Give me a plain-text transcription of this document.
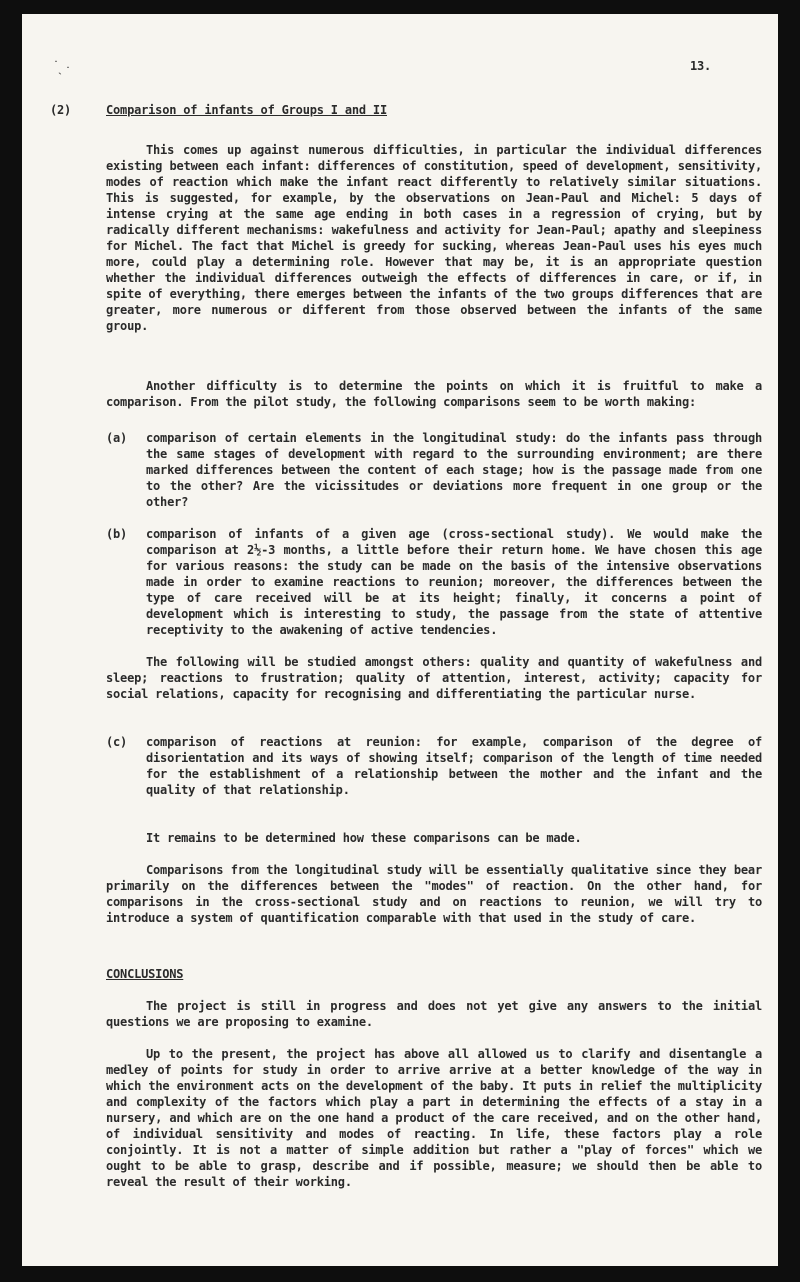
· ·
`
13.
(2)	Comparison of infants of Groups I and II
This comes up against numerous difficulties, in particular the individual differences existing between each infant: differences of constitution, speed of development, sensitivity, modes of reaction which make the infant react differently to relatively similar situations. This is suggested, for example, by the observations on Jean-Paul and Michel: 5 days of intense crying at the same age ending in both cases in a regression of crying, but by radically different mechanisms: wakefulness and activity for Jean-Paul; apathy and sleepiness for Michel. The fact that Michel is greedy for sucking, whereas Jean-Paul uses his eyes much more, could play a determining role. However that may be, it is an appropriate question whether the individual differences outweigh the effects of differences in care, or if, in spite of everything, there emerges between the infants of the two groups differences that are greater, more numerous or different from those observed between the infants of the same group.
Another difficulty is to determine the points on which it is fruitful to make a comparison. From the pilot study, the following comparisons seem to be worth making:
(a) comparison of certain elements in the longitudinal study: do the infants pass through the same stages of development with regard to the surrounding environment; are there marked differences between the content of each stage; how is the passage made from one to the other? Are the vicissitudes or deviations more frequent in one group or the other?
(b) comparison of infants of a given age (cross-sectional study). We would make the comparison at 2½-3 months, a little before their return home. We have chosen this age for various reasons: the study can be made on the basis of the intensive observations made in order to examine reactions to reunion; moreover, the differences between the type of care received will be at its height; finally, it concerns a point of development which is interesting to study, the passage from the state of attentive receptivity to the awakening of active tendencies.
The following will be studied amongst others: quality and quantity of wakefulness and sleep; reactions to frustration; quality of attention, interest, activity; capacity for social relations, capacity for recognising and differentiating the particular nurse.
(c) comparison of reactions at reunion: for example, comparison of the degree of disorientation and its ways of showing itself; comparison of the length of time needed for the establishment of a relationship between the mother and the infant and the quality of that relationship.
It remains to be determined how these comparisons can be made.
Comparisons from the longitudinal study will be essentially qualitative since they bear primarily on the differences between the "modes" of reaction. On the other hand, for comparisons in the cross-sectional study and on reactions to reunion, we will try to introduce a system of quantification comparable with that used in the study of care.
CONCLUSIONS
The project is still in progress and does not yet give any answers to the initial questions we are proposing to examine.
Up to the present, the project has above all allowed us to clarify and disentangle a medley of points for study in order to arrive arrive at a better knowledge of the way in which the environment acts on the development of the baby. It puts in relief the multiplicity and complexity of the factors which play a part in determining the effects of a stay in a nursery, and which are on the one hand a product of the care received, and on the other hand, of individual sensitivity and modes of reacting. In life, these factors play a role conjointly. It is not a matter of simple addition but rather a "play of forces" which we ought to be able to grasp, describe and if possible, measure; we should then be able to reveal the result of their working.
